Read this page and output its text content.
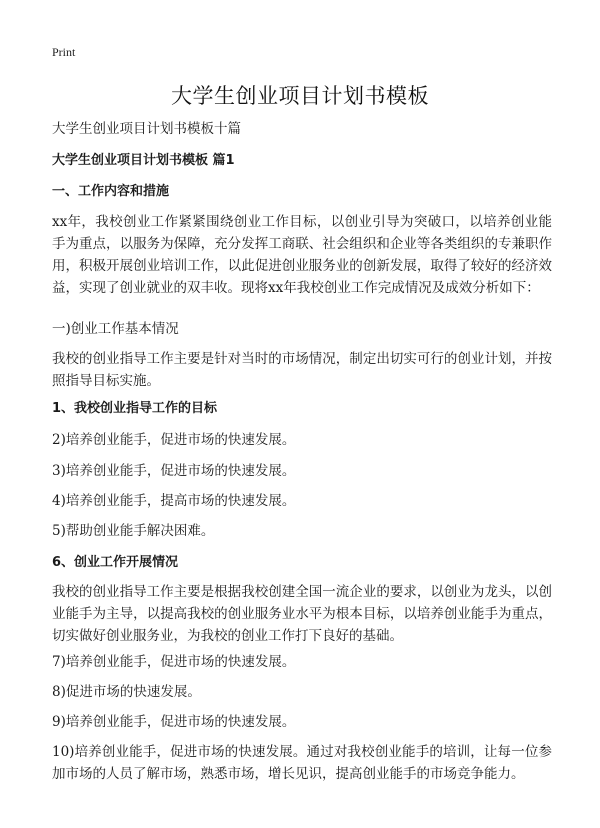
Print
大学生创业项目计划书模板
大学生创业项目计划书模板十篇
大学生创业项目计划书模板 篇1
一、工作内容和措施
xx年，我校创业工作紧紧围绕创业工作目标，以创业引导为突破口，以培养创业能手为重点，以服务为保障，充分发挥工商联、社会组织和企业等各类组织的专兼职作用，积极开展创业培训工作，以此促进创业服务业的创新发展，取得了较好的经济效益，实现了创业就业的双丰收。现将xx年我校创业工作完成情况及成效分析如下：
一)创业工作基本情况
我校的创业指导工作主要是针对当时的市场情况，制定出切实可行的创业计划，并按照指导目标实施。
1、我校创业指导工作的目标
2)培养创业能手，促进市场的快速发展。
3)培养创业能手，促进市场的快速发展。
4)培养创业能手，提高市场的快速发展。
5)帮助创业能手解决困难。
6、创业工作开展情况
我校的创业指导工作主要是根据我校创建全国一流企业的要求，以创业为龙头，以创业能手为主导，以提高我校的创业服务业水平为根本目标，以培养创业能手为重点，切实做好创业服务业，为我校的创业工作打下良好的基础。
7)培养创业能手，促进市场的快速发展。
8)促进市场的快速发展。
9)培养创业能手，促进市场的快速发展。
10)培养创业能手，促进市场的快速发展。通过对我校创业能手的培训，让每一位参加市场的人员了解市场，熟悉市场，增长见识，提高创业能手的市场竞争能力。
